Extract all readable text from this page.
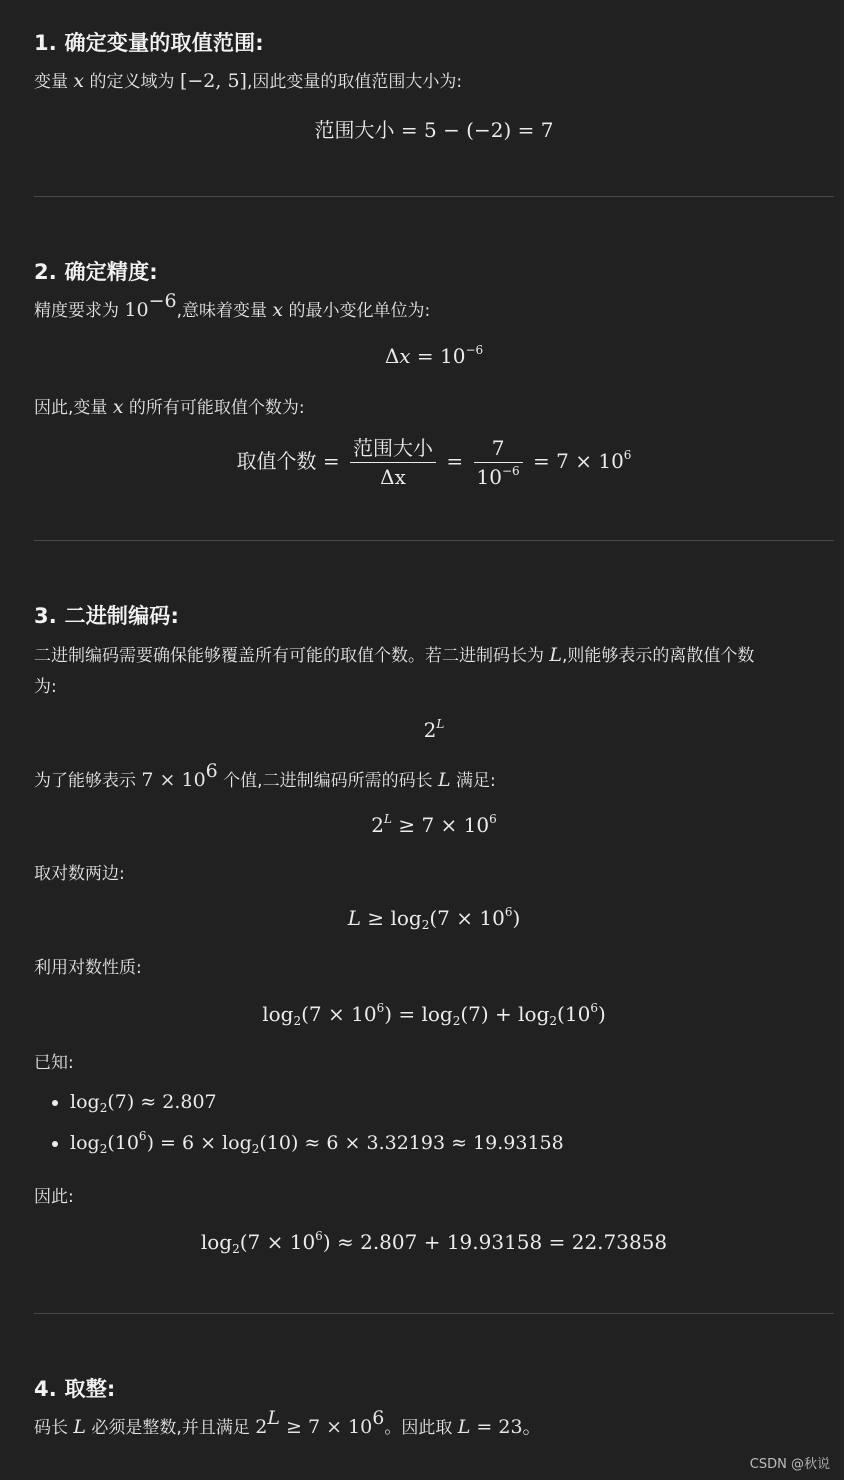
1. 确定变量的取值范围:

变量 x 的定义域为 [−2, 5],因此变量的取值范围大小为:

范围大小 = 5 − (−2) = 7
2. 确定精度:

精度要求为 $10^{-6}$,意味着变量 x 的最小变化单位为:

$\Delta x = 10^{-6}$

因此,变量 x 的所有可能取值个数为:

取值个数 = $\frac{\text{范围大小}}{\Delta x} = \frac{7}{10^{-6}} = 7 \times 10^6$
3. 二进制编码:

二进制编码需要确保能够覆盖所有可能的取值个数。若二进制码长为 L,则能够表示的离散值个数
为:

$2^L$

为了能够表示 $7 \times 10^6$ 个值,二进制编码所需的码长 L 满足:

$2^L \ge 7 \times 10^6$

取对数两边:

$L \ge \log_2(7 \times 10^6)$

利用对数性质:

$\log_2(7 \times 10^6) = \log_2(7) + \log_2(10^6)$

已知:

• $\log_2(7) \approx 2.807$
• $\log_2(10^6) = 6 \times \log_2(10) \approx 6 \times 3.32193 \approx 19.93158$

因此:

$\log_2(7 \times 10^6) \approx 2.807 + 19.93158 = 22.73858$
4. 取整:

码长 L 必须是整数,并且满足 $2^L \ge 7 \times 10^6$。因此取 L = 23。

CSDN @秋说
